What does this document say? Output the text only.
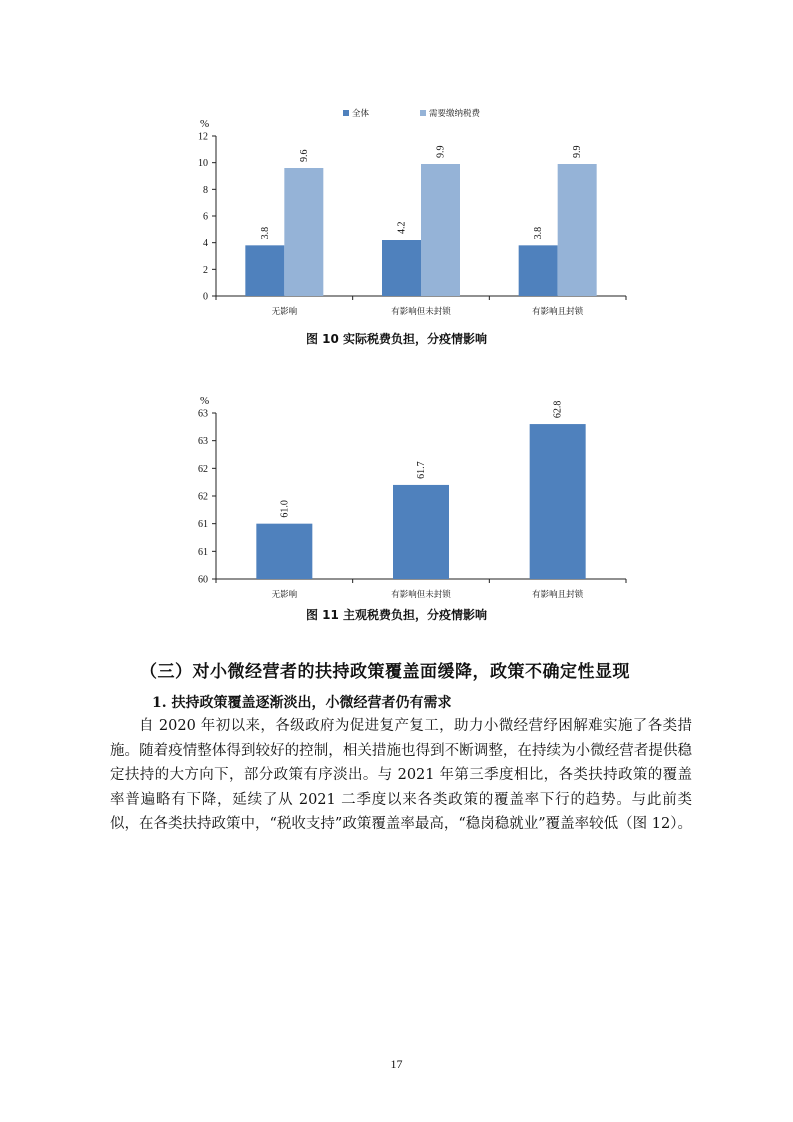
%
0
2
4
6
8
10
12
无影响
3.8
9.6
有影响但未封锁
4.2
9.9
有影响且封锁
3.8
9.9
全体	需要缴纳税费
图 10 实际税费负担，分疫情影响
%
60
61
61
62
62
63
63
无影响
61.0
有影响但未封锁
61.7
有影响且封锁
62.8
图 11 主观税费负担，分疫情影响
（三）对小微经营者的扶持政策覆盖面缓降，政策不确定性显现
1. 扶持政策覆盖逐渐淡出，小微经营者仍有需求
自 2020 年初以来，各级政府为促进复产复工，助力小微经营纾困解难实施了各类措施。随着疫情整体得到较好的控制，相关措施也得到不断调整，在持续为小微经营者提供稳定扶持的大方向下，部分政策有序淡出。与 2021 年第三季度相比，各类扶持政策的覆盖率普遍略有下降，延续了从 2021 二季度以来各类政策的覆盖率下行的趋势。与此前类似，在各类扶持政策中，“税收支持”政策覆盖率最高，“稳岗稳就业”覆盖率较低（图 12）。
17
